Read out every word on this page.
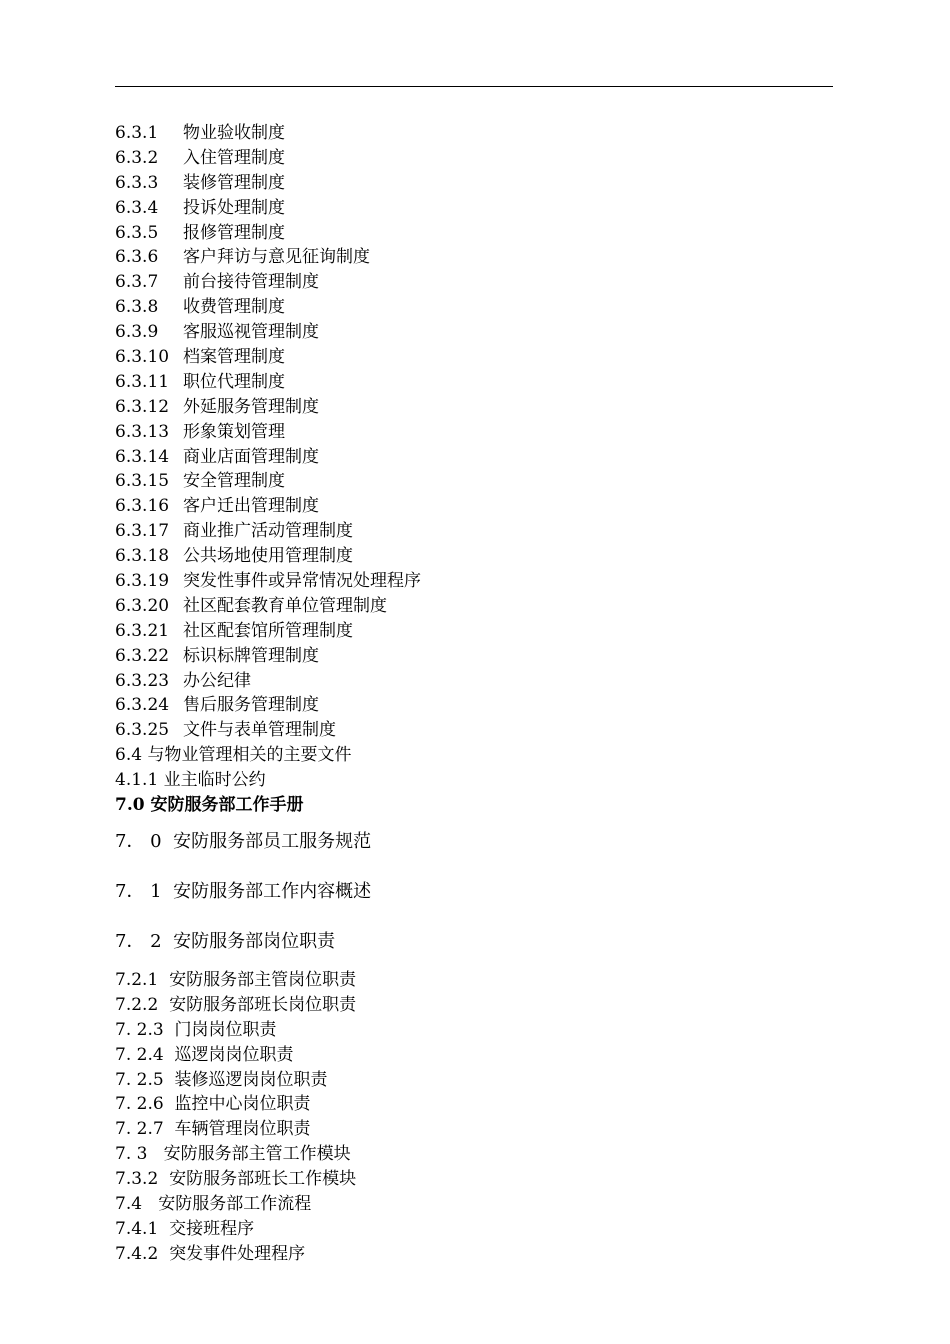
6.3.1 物业验收制度
6.3.2 入住管理制度
6.3.3 装修管理制度
6.3.4 投诉处理制度
6.3.5 报修管理制度
6.3.6 客户拜访与意见征询制度
6.3.7 前台接待管理制度
6.3.8 收费管理制度
6.3.9 客服巡视管理制度
6.3.10 档案管理制度
6.3.11 职位代理制度
6.3.12 外延服务管理制度
6.3.13 形象策划管理
6.3.14 商业店面管理制度
6.3.15 安全管理制度
6.3.16 客户迁出管理制度
6.3.17 商业推广活动管理制度
6.3.18 公共场地使用管理制度
6.3.19 突发性事件或异常情况处理程序
6.3.20 社区配套教育单位管理制度
6.3.21 社区配套馆所管理制度
6.3.22 标识标牌管理制度
6.3.23 办公纪律
6.3.24 售后服务管理制度
6.3.25 文件与表单管理制度
6.4 与物业管理相关的主要文件
4.1.1 业主临时公约
7.0 安防服务部工作手册
7． 0  安防服务部员工服务规范
7． 1  安防服务部工作内容概述
7． 2  安防服务部岗位职责
7.2.1  安防服务部主管岗位职责
7.2.2  安防服务部班长岗位职责
7. 2.3  门岗岗位职责
7. 2.4  巡逻岗岗位职责
7. 2.5  装修巡逻岗岗位职责
7. 2.6  监控中心岗位职责
7. 2.7  车辆管理岗位职责
7. 3   安防服务部主管工作模块
7.3.2  安防服务部班长工作模块
7.4   安防服务部工作流程
7.4.1  交接班程序
7.4.2  突发事件处理程序
